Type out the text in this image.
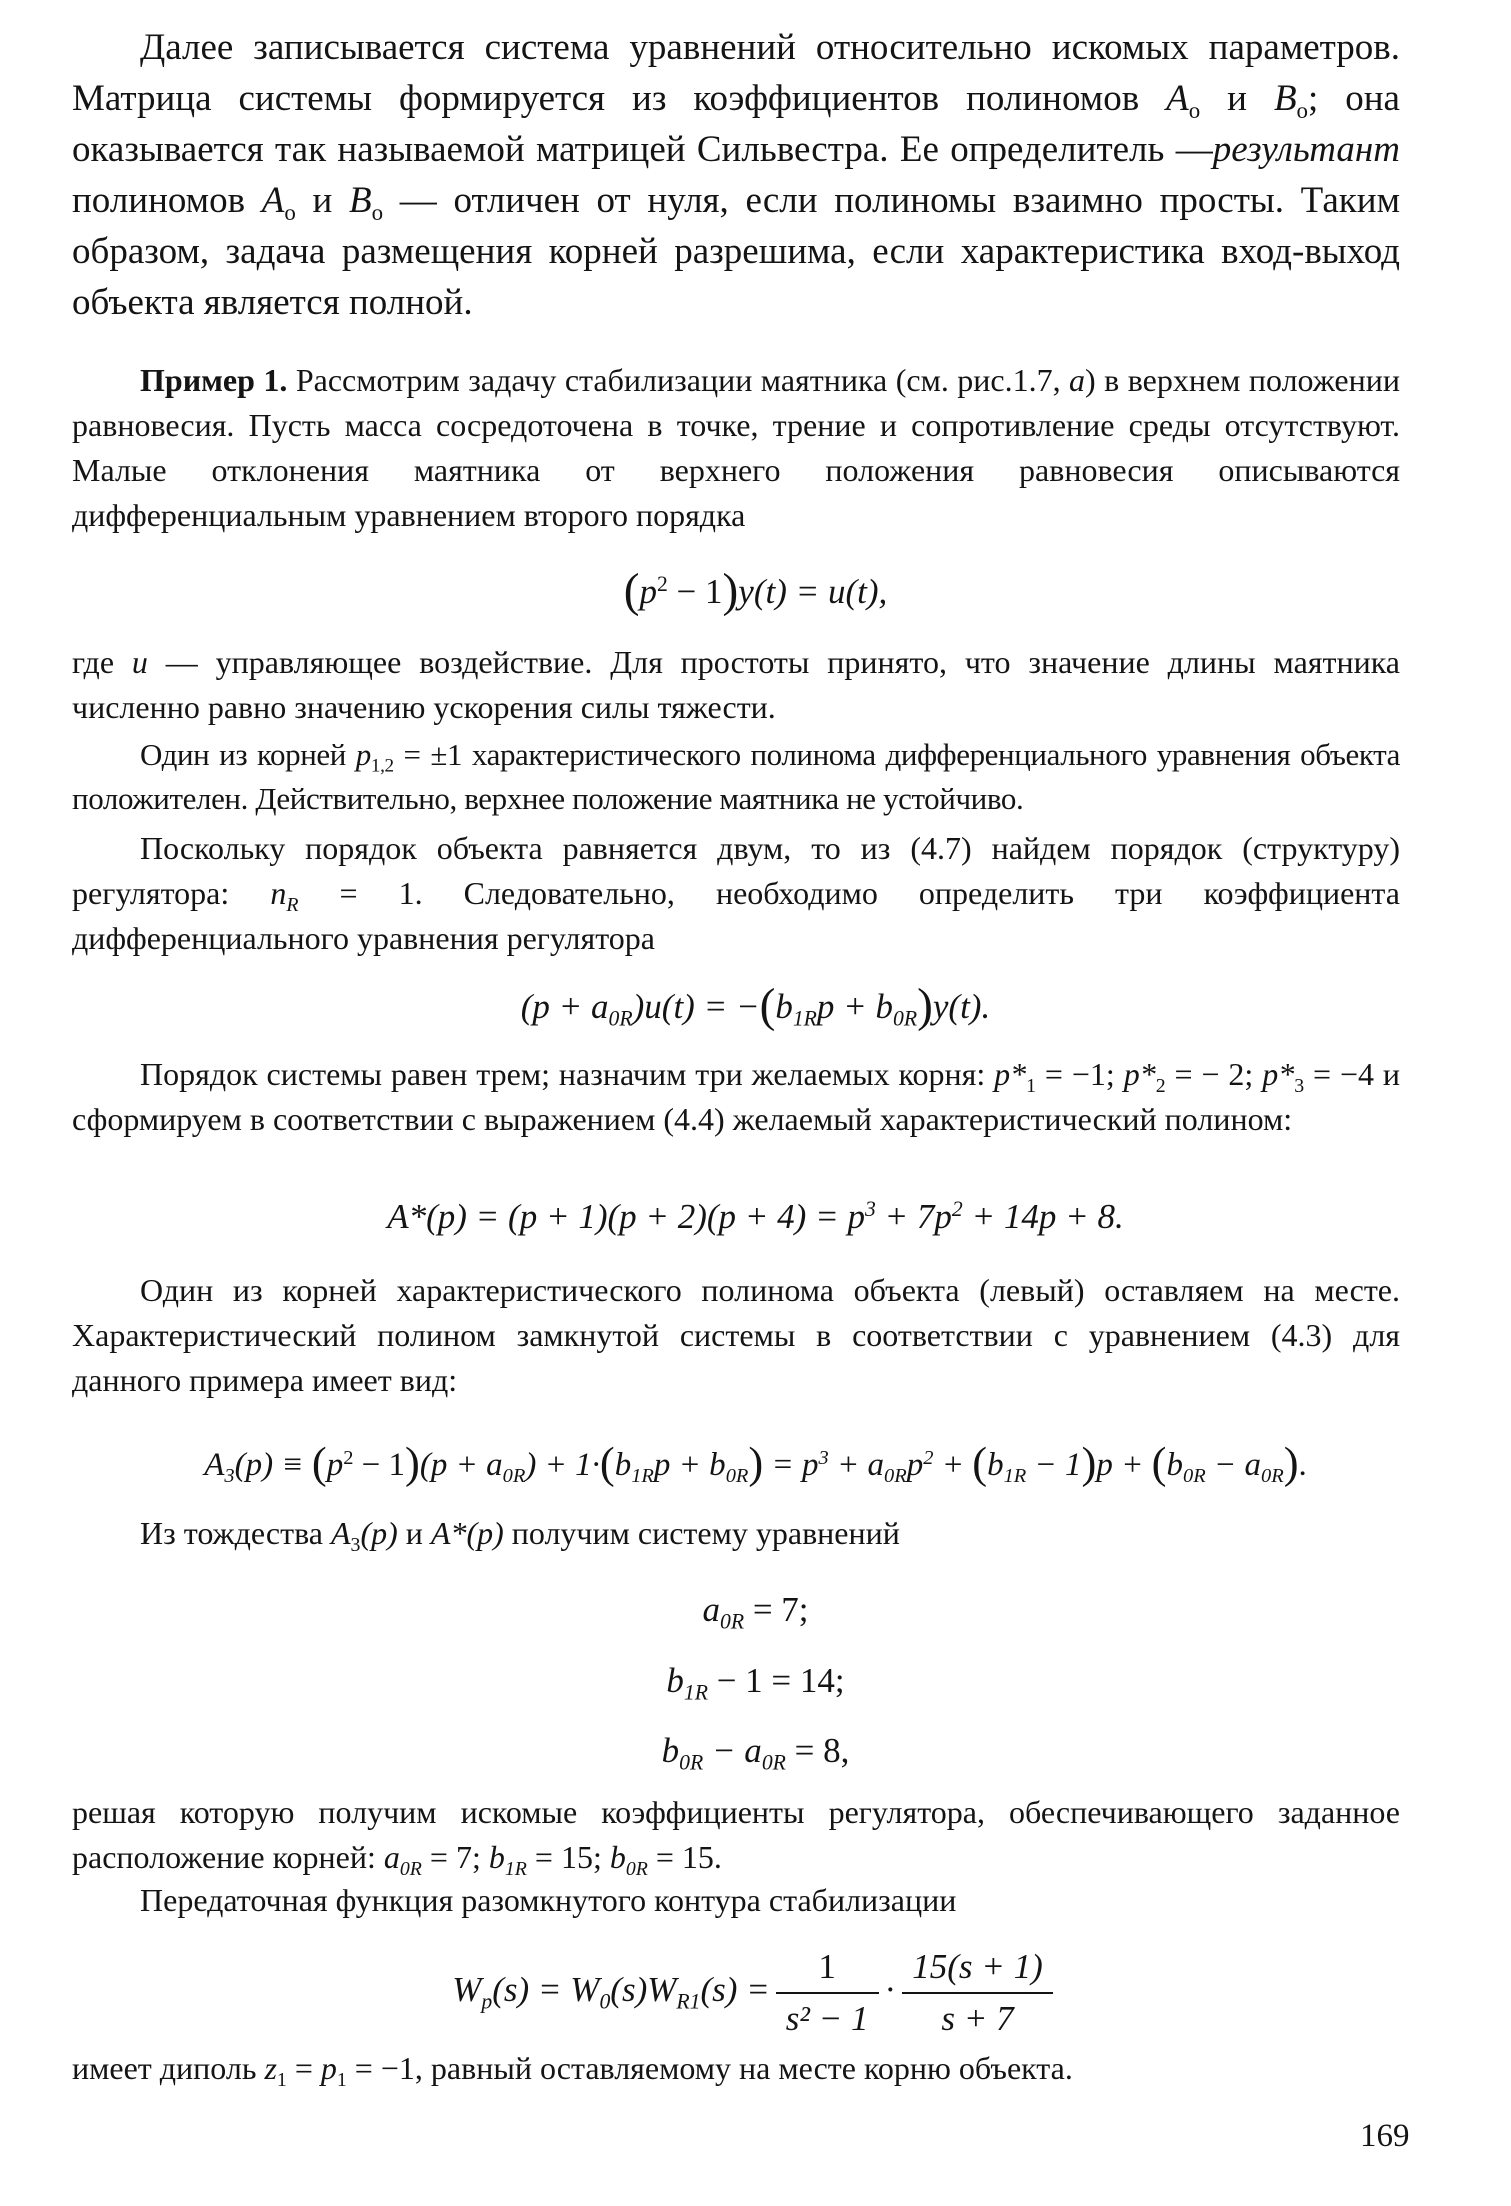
Далее записывается система уравнений относительно искомых параметров. Матрица системы формируется из коэффициентов полиномов $A_о$ и $B_о$; она оказывается так называемой матрицей Сильвестра. Ее определитель —результант полиномов $A_о$ и $B_о$ — отличен от нуля, если полиномы взаимно просты. Таким образом, задача размещения корней разрешима, если характеристика вход-выход объекта является полной.
Пример 1. Рассмотрим задачу стабилизации маятника (см. рис.1.7, а) в верхнем положении равновесия. Пусть масса сосредоточена в точке, трение и сопротивление среды отсутствуют. Малые отклонения маятника от верхнего положения равновесия описываются дифференциальным уравнением второго порядка
$(p^2 - 1)y(t) = u(t)$,
где u — управляющее воздействие. Для простоты принято, что значение длины маятника численно равно значению ускорения силы тяжести.
Один из корней $p_{1,2} = \pm 1$ характеристического полинома дифференциального уравнения объекта положителен. Действительно, верхнее положение маятника не устойчиво.
Поскольку порядок объекта равняется двум, то из (4.7) найдем порядок (структуру) регулятора: $n_R = 1$. Следовательно, необходимо определить три коэффициента дифференциального уравнения регулятора
$(p + a_{0R})u(t) = -(b_{1R}p + b_{0R})y(t)$.
Порядок системы равен трем; назначим три желаемых корня: $p*_1 = -1$; $p*_2$ = − 2; $p*_3 = -4$ и сформируем в соответствии с выражением (4.4) желаемый характеристический полином:
$A*(p) = (p + 1)(p + 2)(p + 4) = p^3 + 7p^2 + 14p + 8$.
Один из корней характеристического полинома объекта (левый) оставляем на месте. Характеристический полином замкнутой системы в соответствии с уравнением (4.3) для данного примера имеет вид:
$A_3(p) \equiv (p^2 - 1)(p + a_{0R}) + 1\cdot(b_{1R}p + b_{0R}) = p^3 + a_{0R}p^2 + (b_{1R} - 1)p + (b_{0R} - a_{0R})$.
Из тождества $A_3(p)$ и A*(p) получим систему уравнений
$a_{0R} = 7$;
$b_{1R} - 1 = 14$;
$b_{0R} - a_{0R} = 8$,
решая которую получим искомые коэффициенты регулятора, обеспечивающего заданное расположение корней: $a_{0R} = 7$; $b_{1R} = 15$; $b_{0R} = 15$.
Передаточная функция разомкнутого контура стабилизации
$W_p(s) = W_0(s)W_{R1}(s) = \frac{1}{\text{s² − 1}} \cdot \frac{15(s + 1)}{s + 7}$
имеет диполь $z_1 = p_1 = -1$, равный оставляемому на месте корню объекта.
169
